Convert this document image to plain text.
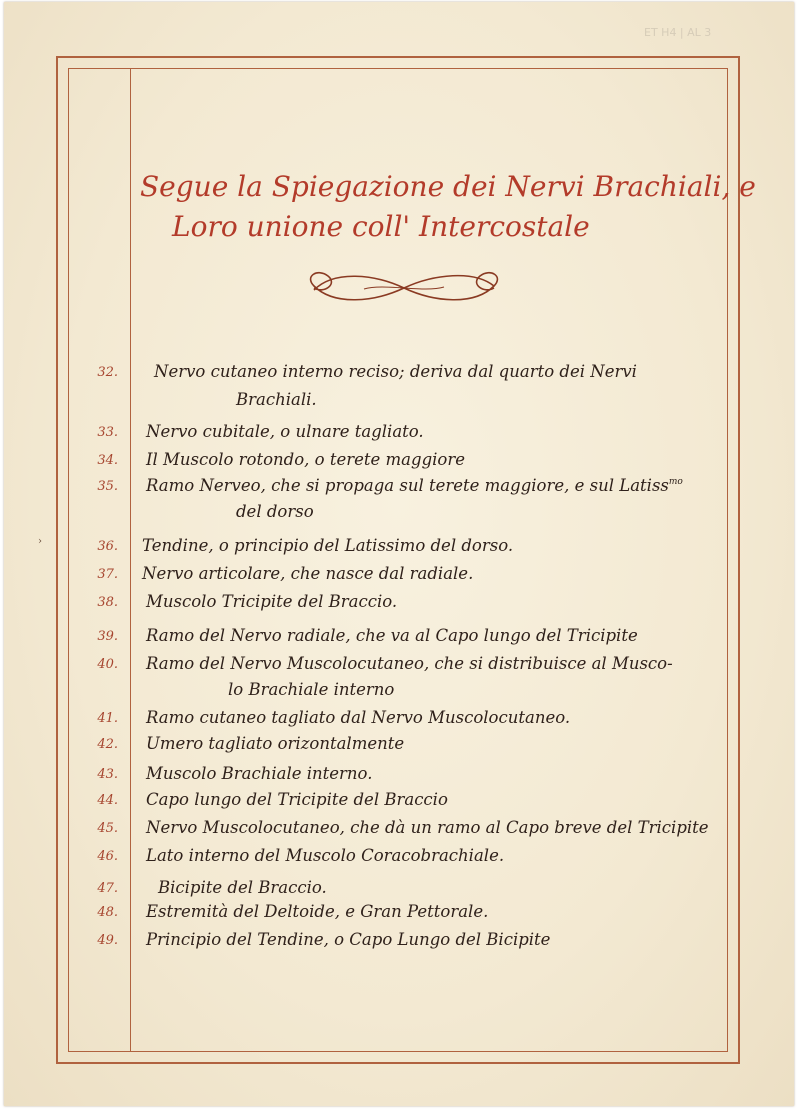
ET H4 | AL 3
Segue la Spiegazione dei Nervi Brachiali, e
Loro unione coll' Intercostale
›
32. Nervo cutaneo interno reciso; deriva dal quarto dei Nervi
Brachiali.
33. Nervo cubitale, o ulnare tagliato.
34. Il Muscolo rotondo, o terete maggiore
35. Ramo Nerveo, che si propaga sul terete maggiore, e sul Latiss$^{mo}$
del dorso
36. Tendine, o principio del Latissimo del dorso.
37. Nervo articolare, che nasce dal radiale.
38. Muscolo Tricipite del Braccio.
39. Ramo del Nervo radiale, che va al Capo lungo del Tricipite
40. Ramo del Nervo Muscolocutaneo, che si distribuisce al Musco-
lo Brachiale interno
41. Ramo cutaneo tagliato dal Nervo Muscolocutaneo.
42. Umero tagliato orizontalmente
43. Muscolo Brachiale interno.
44. Capo lungo del Tricipite del Braccio
45. Nervo Muscolocutaneo, che dà un ramo al Capo breve del Tricipite
46. Lato interno del Muscolo Coracobrachiale.
47. Bicipite del Braccio.
48. Estremità del Deltoide, e Gran Pettorale.
49. Principio del Tendine, o Capo Lungo del Bicipite
